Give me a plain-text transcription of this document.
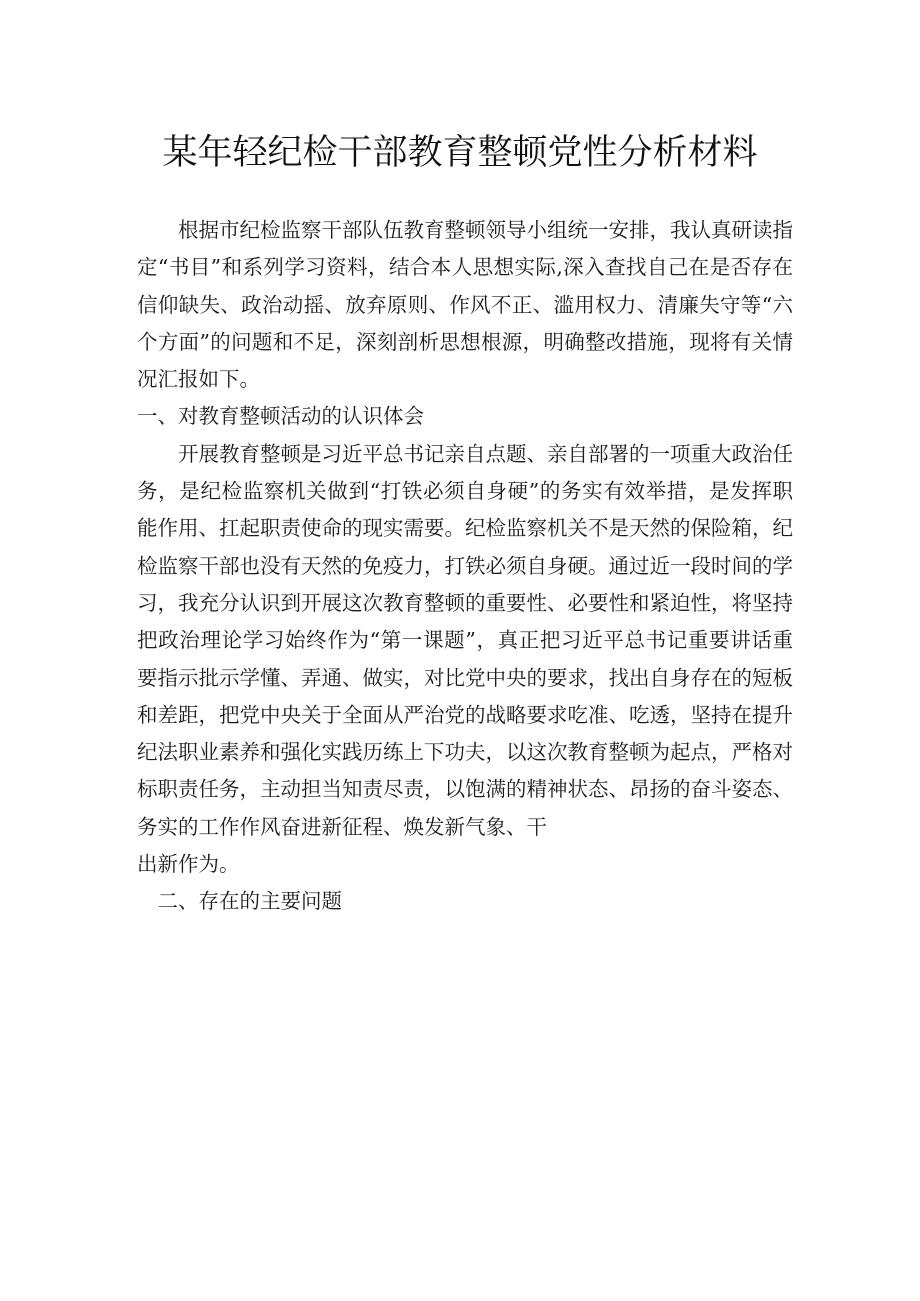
某年轻纪检干部教育整顿党性分析材料

根据市纪检监察干部队伍教育整顿领导小组统一安排，我认真研读指定“书目”和系列学习资料，结合本人思想实际,深入查找自己在是否存在信仰缺失、政治动摇、放弃原则、作风不正、滥用权力、清廉失守等“六个方面”的问题和不足，深刻剖析思想根源，明确整改措施，现将有关情况汇报如下。

一、对教育整顿活动的认识体会

开展教育整顿是习近平总书记亲自点题、亲自部署的一项重大政治任务，是纪检监察机关做到“打铁必须自身硬”的务实有效举措，是发挥职能作用、扛起职责使命的现实需要。纪检监察机关不是天然的保险箱，纪检监察干部也没有天然的免疫力，打铁必须自身硬。通过近一段时间的学习，我充分认识到开展这次教育整顿的重要性、必要性和紧迫性，将坚持把政治理论学习始终作为“第一课题”，真正把习近平总书记重要讲话重要指示批示学懂、弄通、做实，对比党中央的要求，找出自身存在的短板和差距，把党中央关于全面从严治党的战略要求吃准、吃透，坚持在提升纪法职业素养和强化实践历练上下功夫，以这次教育整顿为起点，严格对标职责任务，主动担当知责尽责，以饱满的精神状态、昂扬的奋斗姿态、务实的工作作风奋进新征程、焕发新气象、干

出新作为。

二、存在的主要问题
